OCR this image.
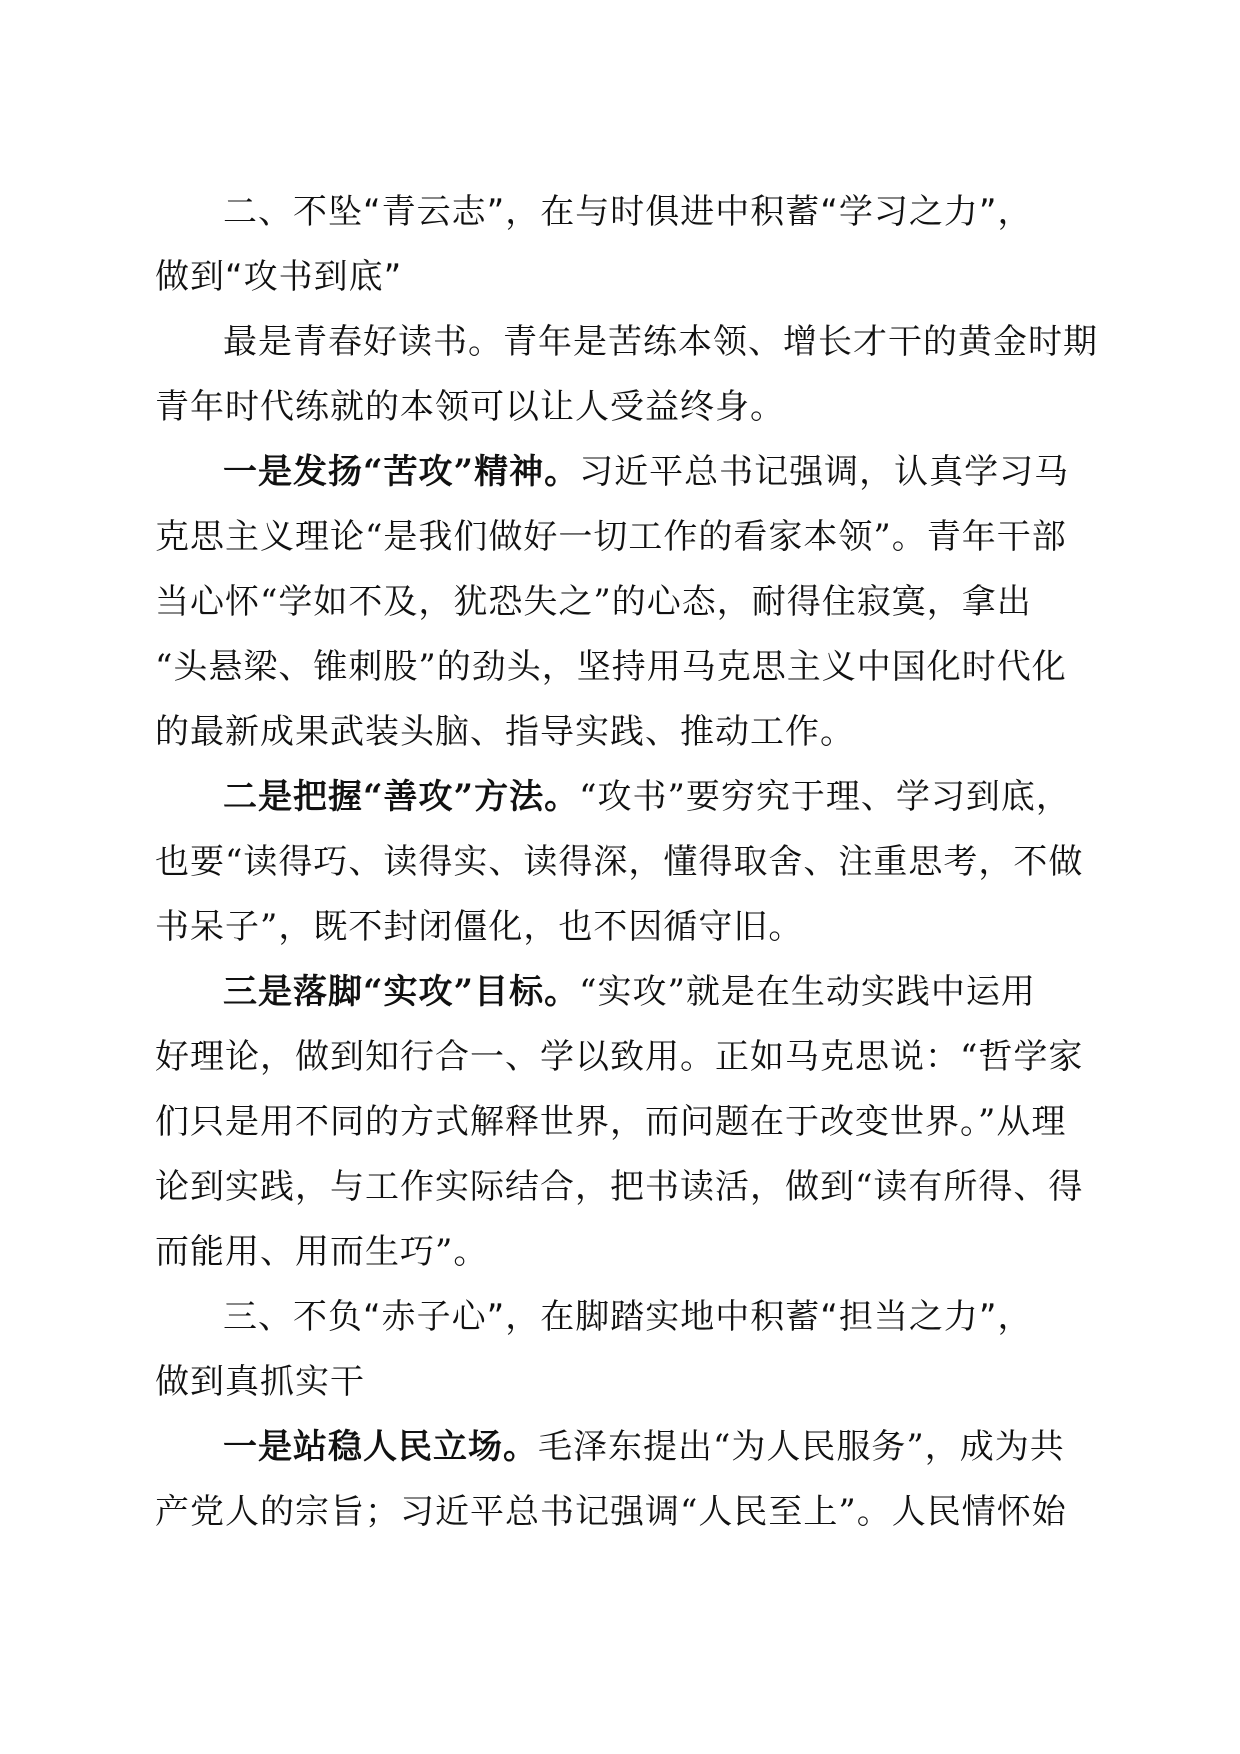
二、不坠“青云志”，在与时俱进中积蓄“学习之力”，
做到“攻书到底”
最是青春好读书。青年是苦练本领、增长才干的黄金时期
青年时代练就的本领可以让人受益终身。
一是发扬“苦攻”精神。习近平总书记强调，认真学习马
克思主义理论“是我们做好一切工作的看家本领”。青年干部
当心怀“学如不及，犹恐失之”的心态，耐得住寂寞，拿出
“头悬梁、锥刺股”的劲头，坚持用马克思主义中国化时代化
的最新成果武装头脑、指导实践、推动工作。
二是把握“善攻”方法。“攻书”要穷究于理、学习到底，
也要“读得巧、读得实、读得深，懂得取舍、注重思考，不做
书呆子”，既不封闭僵化，也不因循守旧。
三是落脚“实攻”目标。“实攻”就是在生动实践中运用
好理论，做到知行合一、学以致用。正如马克思说：“哲学家
们只是用不同的方式解释世界，而问题在于改变世界。”从理
论到实践，与工作实际结合，把书读活，做到“读有所得、得
而能用、用而生巧”。
三、不负“赤子心”，在脚踏实地中积蓄“担当之力”，
做到真抓实干
一是站稳人民立场。毛泽东提出“为人民服务”，成为共
产党人的宗旨；习近平总书记强调“人民至上”。人民情怀始
